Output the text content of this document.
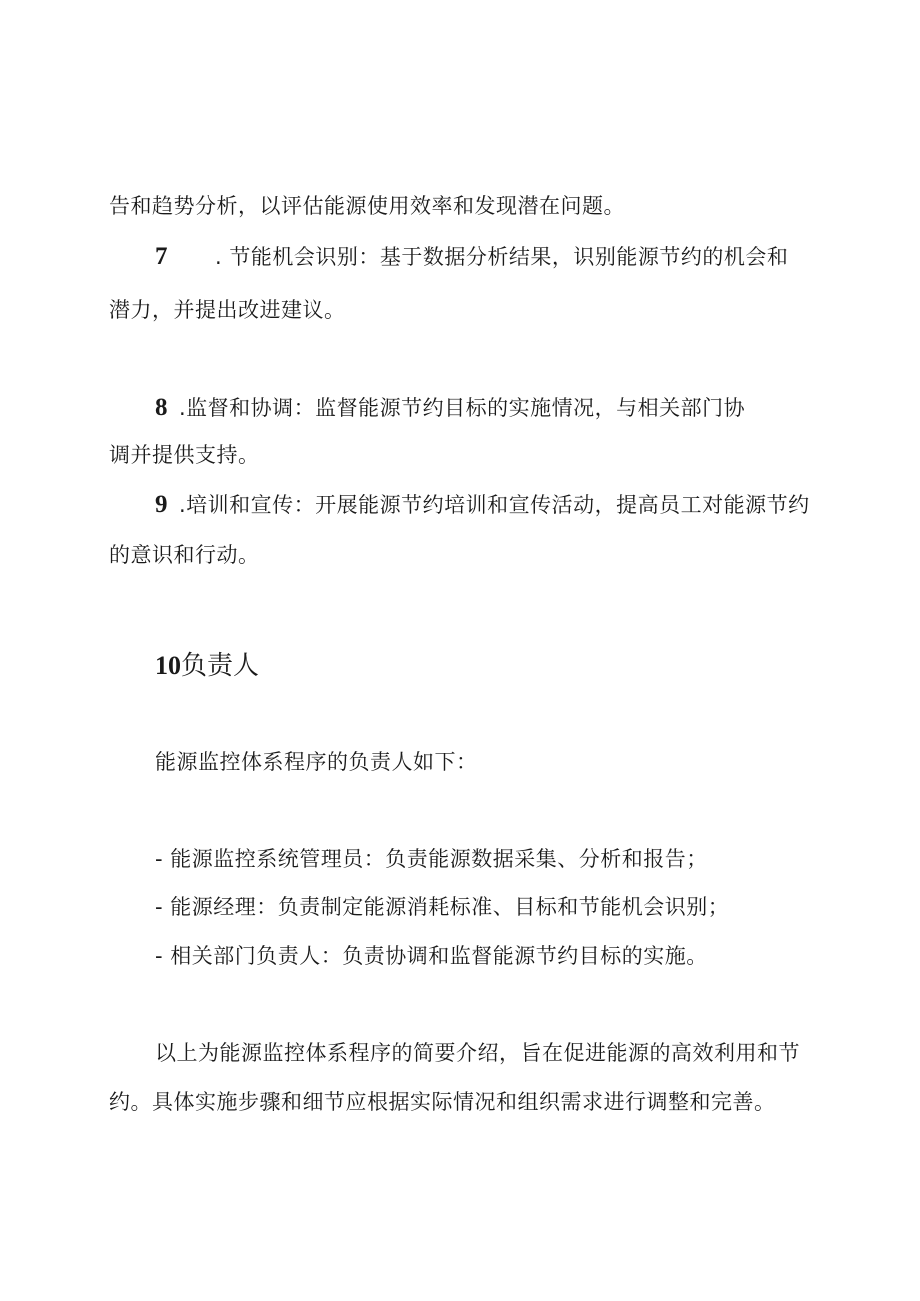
告和趋势分析，以评估能源使用效率和发现潜在问题。
7 . 节能机会识别：基于数据分析结果，识别能源节约的机会和
潜力，并提出改进建议。
8 .监督和协调：监督能源节约目标的实施情况，与相关部门协
调并提供支持。
9 .培训和宣传：开展能源节约培训和宣传活动，提高员工对能源节约
的意识和行动。
10负责人
能源监控体系程序的负责人如下：
- 能源监控系统管理员：负责能源数据采集、分析和报告；
- 能源经理：负责制定能源消耗标准、目标和节能机会识别；
- 相关部门负责人：负责协调和监督能源节约目标的实施。
以上为能源监控体系程序的简要介绍，旨在促进能源的高效利用和节
约。具体实施步骤和细节应根据实际情况和组织需求进行调整和完善。
